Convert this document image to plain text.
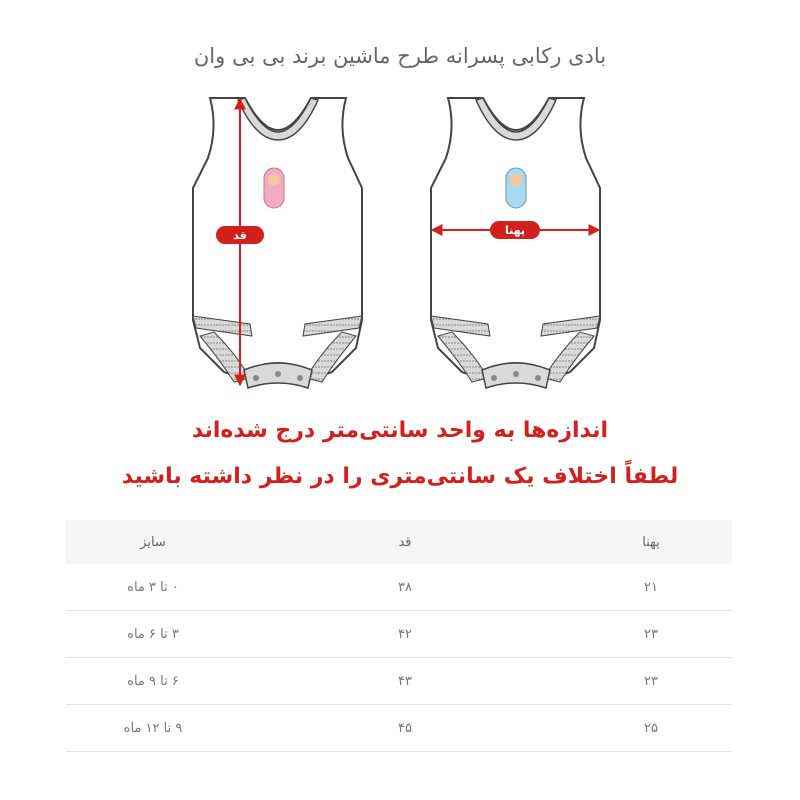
بادی رکابی پسرانه طرح ماشین برند بی بی وان
قد	پهنا
اندازه‌ها به واحد سانتی‌متر درج شده‌اند
لطفاً اختلاف یک سانتی‌متری را در نظر داشته باشید
پهنا	قد	سایز
۲۱	۳۸	۰ تا ۳ ماه
۲۳	۴۲	۳ تا ۶ ماه
۲۳	۴۳	۶ تا ۹ ماه
۲۵	۴۵	۹ تا ۱۲ ماه
